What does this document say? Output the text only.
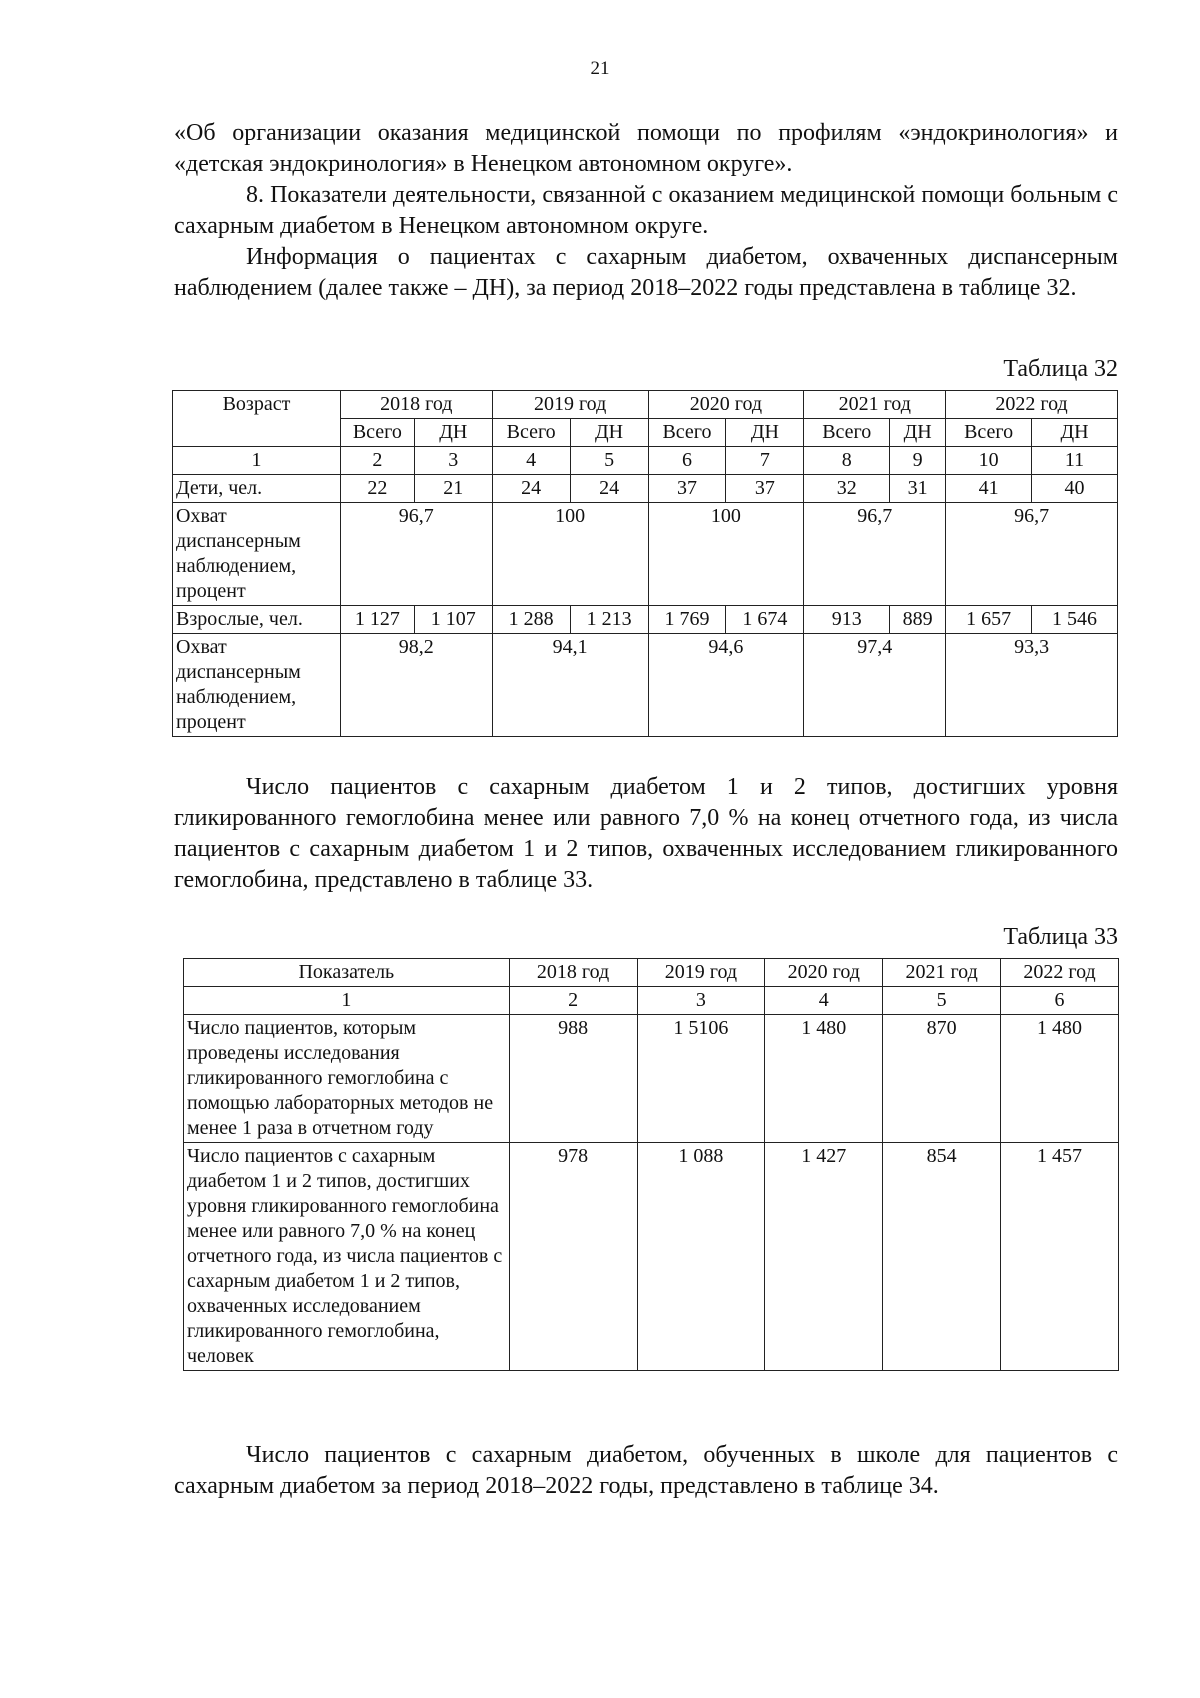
21
«Об организации оказания медицинской помощи по профилям «эндокринология» и «детская эндокринология» в Ненецком автономном округе».
8. Показатели деятельности, связанной с оказанием медицинской помощи больным с сахарным диабетом в Ненецком автономном округе.
Информация о пациентах с сахарным диабетом, охваченных диспансерным наблюдением (далее также – ДН), за период 2018–2022 годы представлена в таблице 32.
Таблица 32
Возраст	2018 год		2019 год		2020 год		2021 год		2022 год	
	Всего	ДН	Всего	ДН	Всего	ДН	Всего	ДН	Всего	ДН
1	2	3	4	5	6	7	8	9	10	11
Дети, чел.	22	21	24	24	37	37	32	31	41	40
Охват диспансерным наблюдением, процент	96,7		100		100		96,7		96,7	
Взрослые, чел.	1 127	1 107	1 288	1 213	1 769	1 674	913	889	1 657	1 546
Охват диспансерным наблюдением, процент	98,2		94,1		94,6		97,4		93,3	
Число пациентов с сахарным диабетом 1 и 2 типов, достигших уровня гликированного гемоглобина менее или равного 7,0 % на конец отчетного года, из числа пациентов с сахарным диабетом 1 и 2 типов, охваченных исследованием гликированного гемоглобина, представлено в таблице 33.
Таблица 33
Показатель	2018 год	2019 год	2020 год	2021 год	2022 год
1	2	3	4	5	6
Число пациентов, которым проведены исследования гликированного гемоглобина с помощью лабораторных методов не менее 1 раза в отчетном году	988	1 5106	1 480	870	1 480
Число пациентов с сахарным диабетом 1 и 2 типов, достигших уровня гликированного гемоглобина менее или равного 7,0 % на конец отчетного года, из числа пациентов с сахарным диабетом 1 и 2 типов, охваченных исследованием гликированного гемоглобина, человек	978	1 088	1 427	854	1 457
Число пациентов с сахарным диабетом, обученных в школе для пациентов с сахарным диабетом за период 2018–2022 годы, представлено в таблице 34.
